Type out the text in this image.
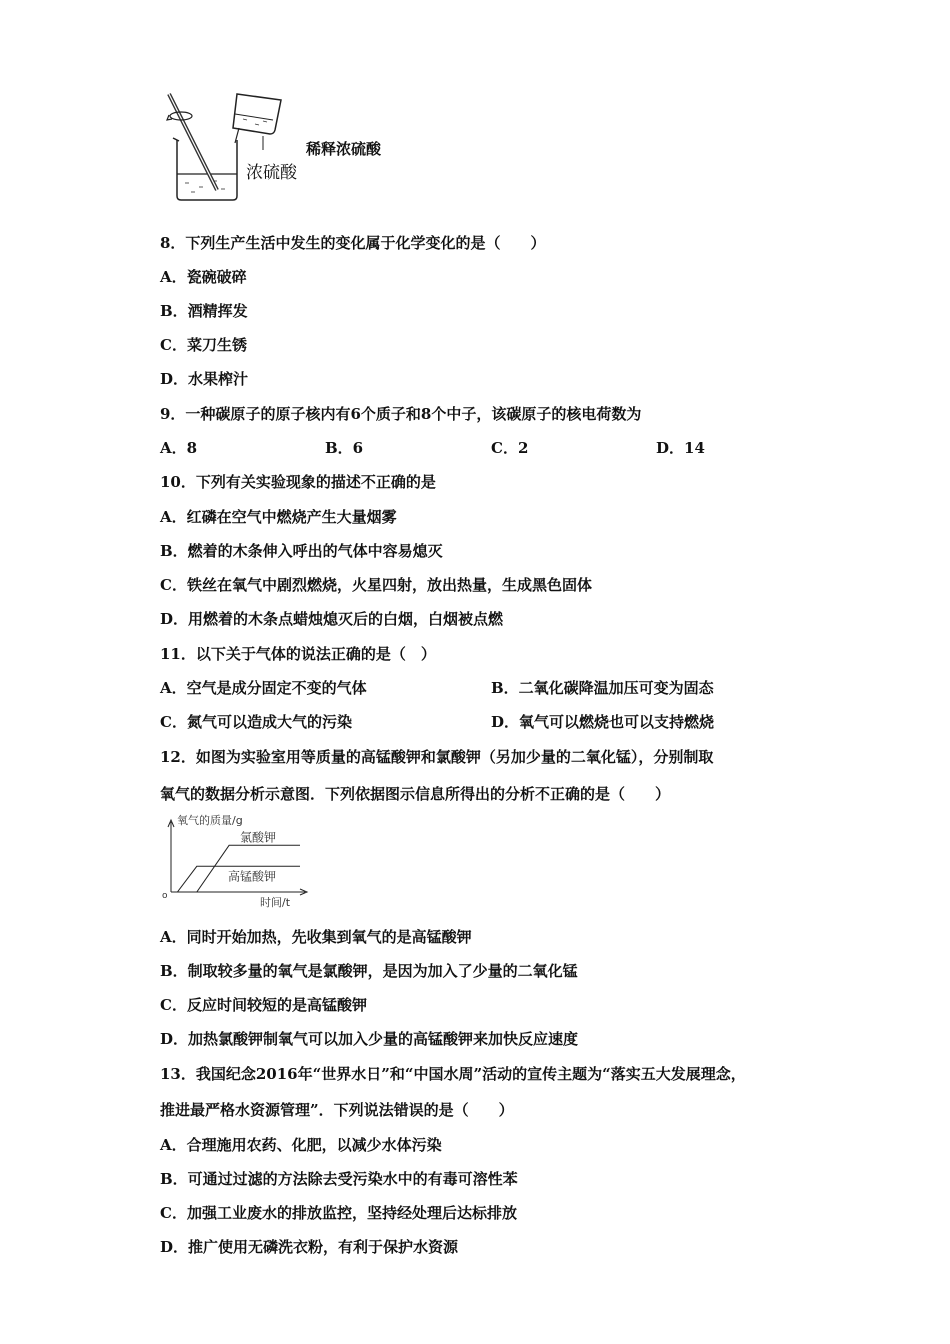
浓硫酸
稀释浓硫酸
8．下列生产生活中发生的变化属于化学变化的是（　　）
A．瓷碗破碎
B．酒精挥发
C．菜刀生锈
D．水果榨汁
9．一种碳原子的原子核内有6个质子和8个中子，该碳原子的核电荷数为
A．8	B．6	C．2	D．14
10．下列有关实验现象的描述不正确的是
A．红磷在空气中燃烧产生大量烟雾
B．燃着的木条伸入呼出的气体中容易熄灭
C．铁丝在氧气中剧烈燃烧，火星四射，放出热量，生成黑色固体
D．用燃着的木条点蜡烛熄灭后的白烟，白烟被点燃
11．以下关于气体的说法正确的是（　）
A．空气是成分固定不变的气体	B．二氧化碳降温加压可变为固态
C．氮气可以造成大气的污染	D．氧气可以燃烧也可以支持燃烧
12．如图为实验室用等质量的高锰酸钾和氯酸钾（另加少量的二氧化锰），分别制取
氧气的数据分析示意图．下列依据图示信息所得出的分析不正确的是（　　）
氧气的质量/g
时间/t
o
氯酸钾
高锰酸钾
A．同时开始加热，先收集到氧气的是高锰酸钾
B．制取较多量的氧气是氯酸钾，是因为加入了少量的二氧化锰
C．反应时间较短的是高锰酸钾
D．加热氯酸钾制氧气可以加入少量的高锰酸钾来加快反应速度
13．我国纪念2016年“世界水日”和“中国水周”活动的宣传主题为“落实五大发展理念，
推进最严格水资源管理”．下列说法错误的是（　　）
A．合理施用农药、化肥，以减少水体污染
B．可通过过滤的方法除去受污染水中的有毒可溶性苯
C．加强工业废水的排放监控，坚持经处理后达标排放
D．推广使用无磷洗衣粉，有利于保护水资源
